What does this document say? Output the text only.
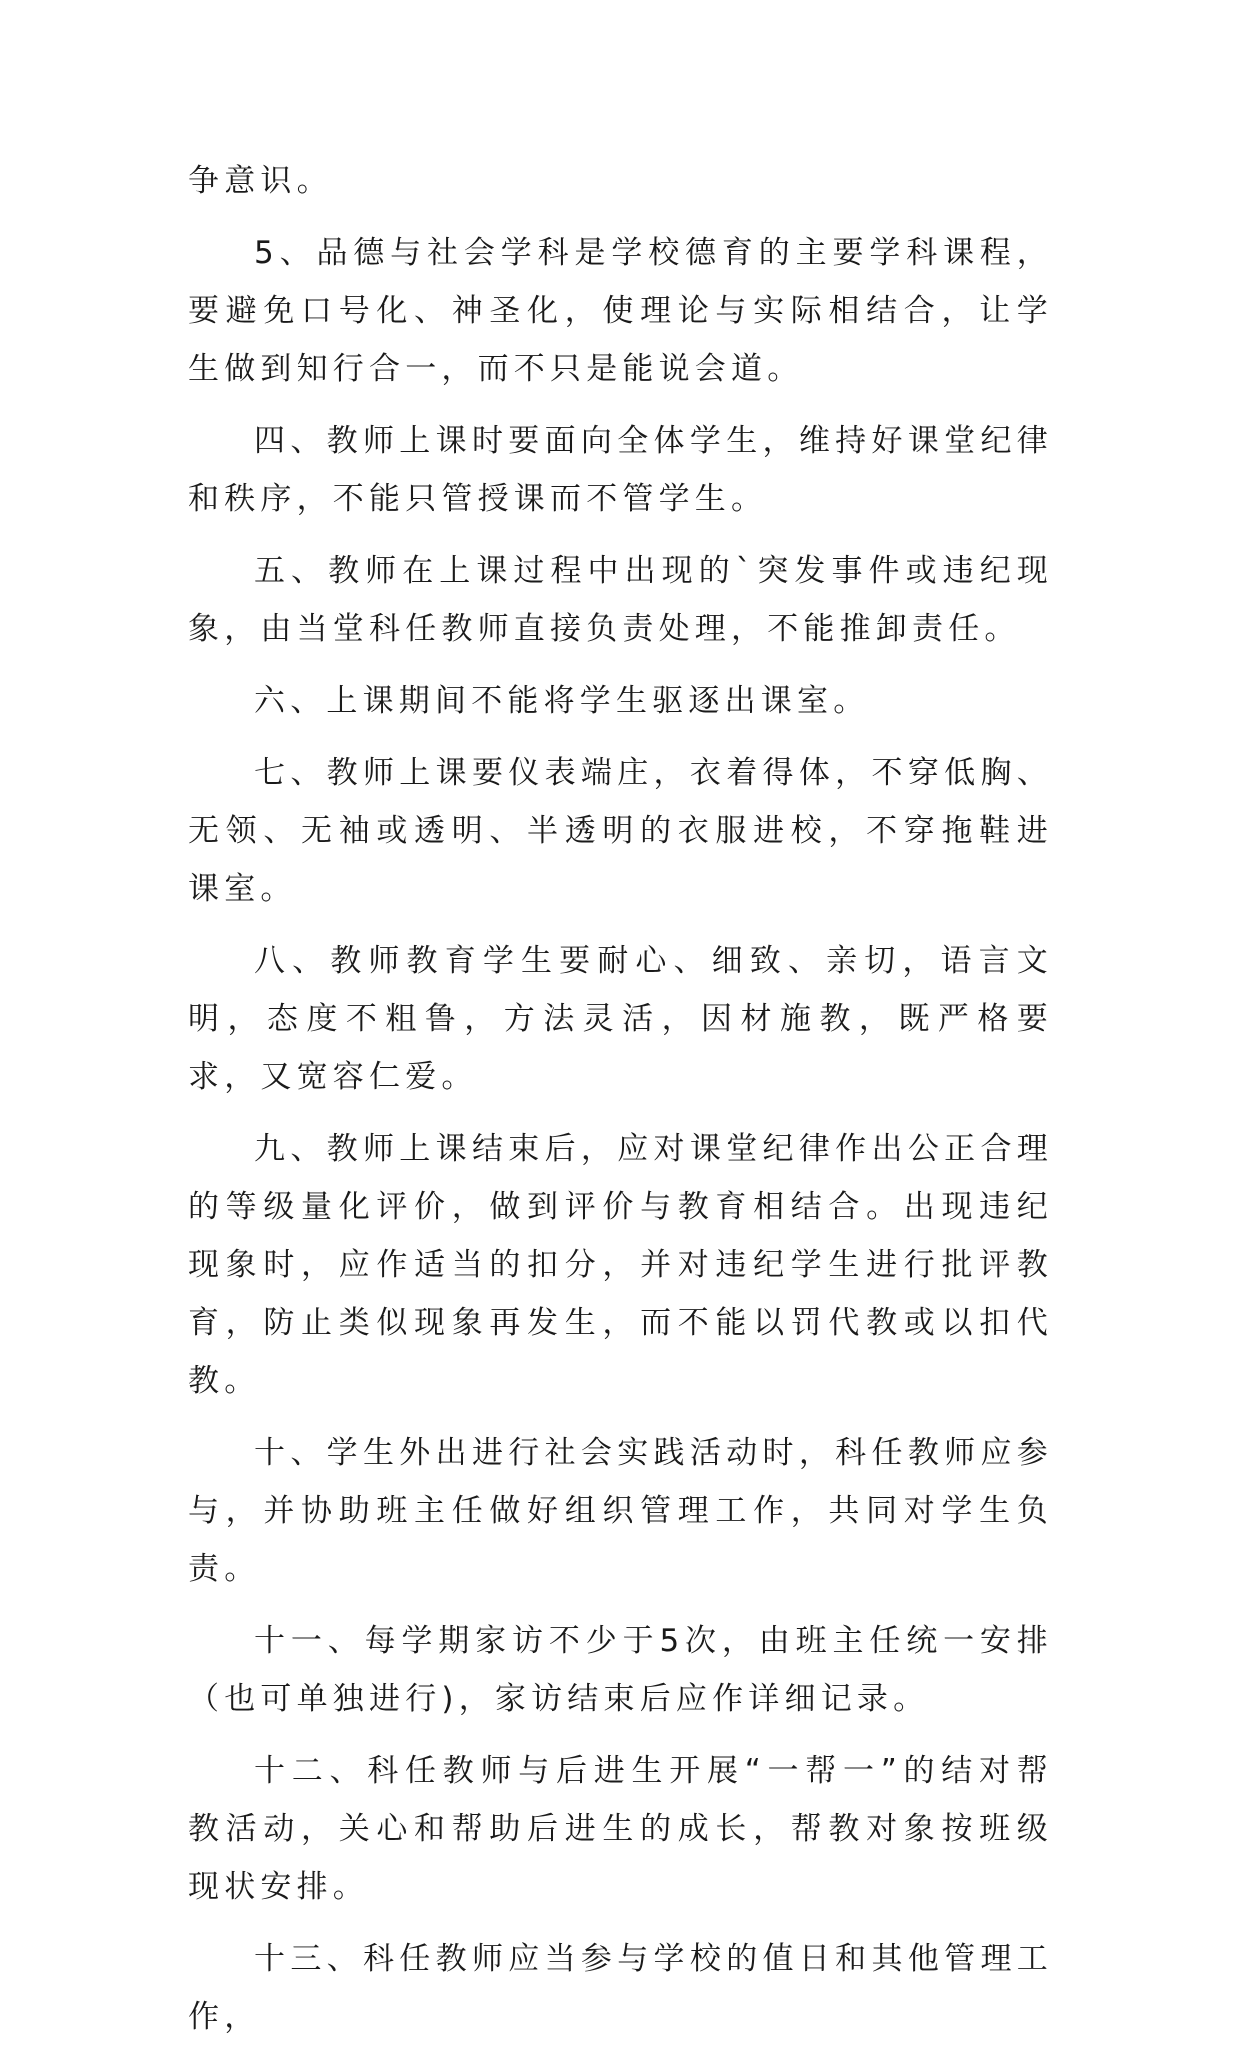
争意识。

5、品德与社会学科是学校德育的主要学科课程，要避免口号化、神圣化，使理论与实际相结合，让学生做到知行合一，而不只是能说会道。

四、教师上课时要面向全体学生，维持好课堂纪律和秩序，不能只管授课而不管学生。

五、教师在上课过程中出现的`突发事件或违纪现象，由当堂科任教师直接负责处理，不能推卸责任。

六、上课期间不能将学生驱逐出课室。

七、教师上课要仪表端庄，衣着得体，不穿低胸、无领、无袖或透明、半透明的衣服进校，不穿拖鞋进课室。

八、教师教育学生要耐心、细致、亲切，语言文明，态度不粗鲁，方法灵活，因材施教，既严格要求，又宽容仁爱。

九、教师上课结束后，应对课堂纪律作出公正合理的等级量化评价，做到评价与教育相结合。出现违纪现象时，应作适当的扣分，并对违纪学生进行批评教育，防止类似现象再发生，而不能以罚代教或以扣代教。

十、学生外出进行社会实践活动时，科任教师应参与，并协助班主任做好组织管理工作，共同对学生负责。

十一、每学期家访不少于5次，由班主任统一安排（也可单独进行)，家访结束后应作详细记录。

十二、科任教师与后进生开展“一帮一”的结对帮教活动，关心和帮助后进生的成长，帮教对象按班级现状安排。

十三、科任教师应当参与学校的值日和其他管理工作，
